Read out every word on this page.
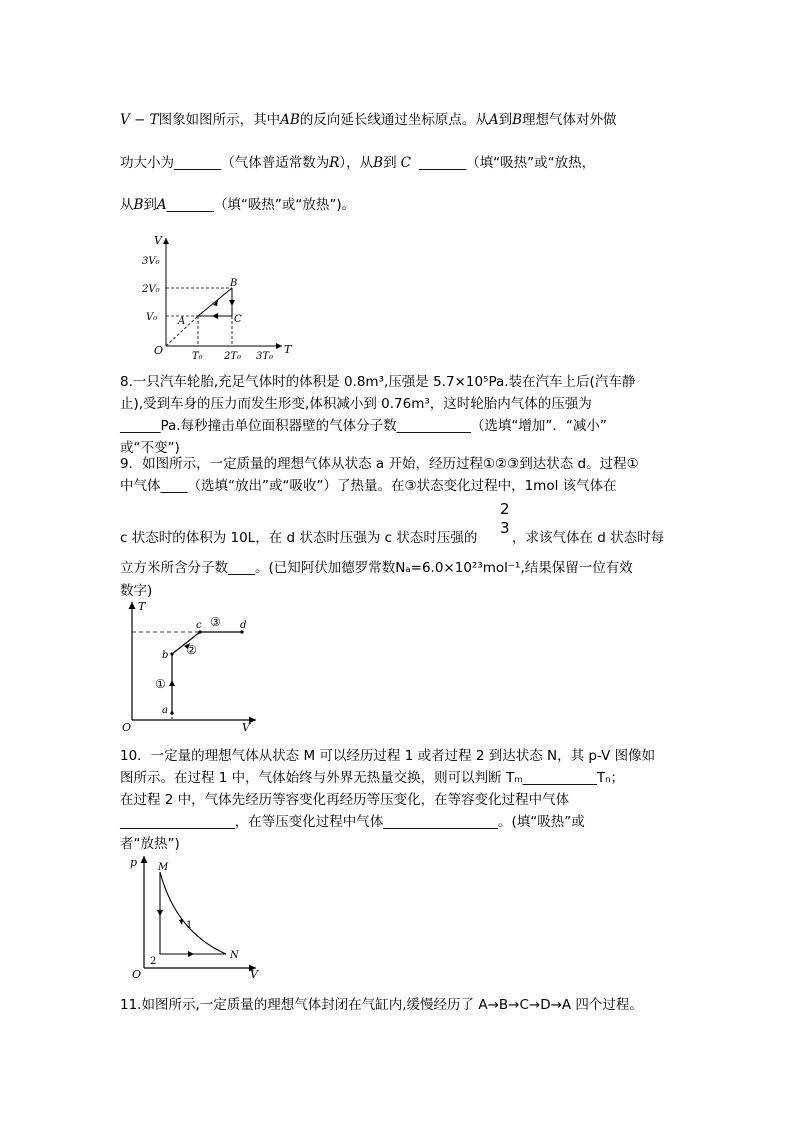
V − T图象如图所示，其中AB的反向延长线通过坐标原点。从A到B理想气体对外做
功大小为_______（气体普适常数为R），从B到 C _______（填“吸热”或“放热，
从B到A_______（填“吸热”或“放热”)。
V
T
O
3V₀
2V₀
V₀
T₀ 2T₀ 3T₀
A
B
C
8.一只汽车轮胎,充足气体时的体积是 0.8m³,压强是 5.7×10⁵Pa.装在汽车上后(汽车静
止),受到车身的压力而发生形变,体积减小到 0.76m³，这时轮胎内气体的压强为
______Pa.每秒撞击单位面积器壁的气体分子数___________（选填“增加”．“减小”
或“不变”)
9．如图所示，一定质量的理想气体从状态 a 开始，经历过程①②③到达状态 d。过程①
中气体____（选填“放出”或“吸收”）了热量。在③状态变化过程中，1mol 该气体在
2
3
c 状态时的体积为 10L，在 d 状态时压强为 c 状态时压强的	，求该气体在 d 状态时每
立方米所含分子数____。(已知阿伏加德罗常数Nₐ=6.0×10²³mol⁻¹,结果保留一位有效
数字)
T
V
O
a
b
c	d
①
②
③
10．一定量的理想气体从状态 M 可以经历过程 1 或者过程 2 到达状态 N，其 p-V 图像如
图所示。在过程 1 中，气体始终与外界无热量交换，则可以判断 Tₘ___________Tₙ；
在过程 2 中，气体先经历等容变化再经历等压变化，在等容变化过程中气体
_________________，在等压变化过程中气体_________________。(填“吸热”或
者“放热”)
p
V
O
M
N
1
2
11.如图所示,一定质量的理想气体封闭在气缸内,缓慢经历了 A→B→C→D→A 四个过程。
